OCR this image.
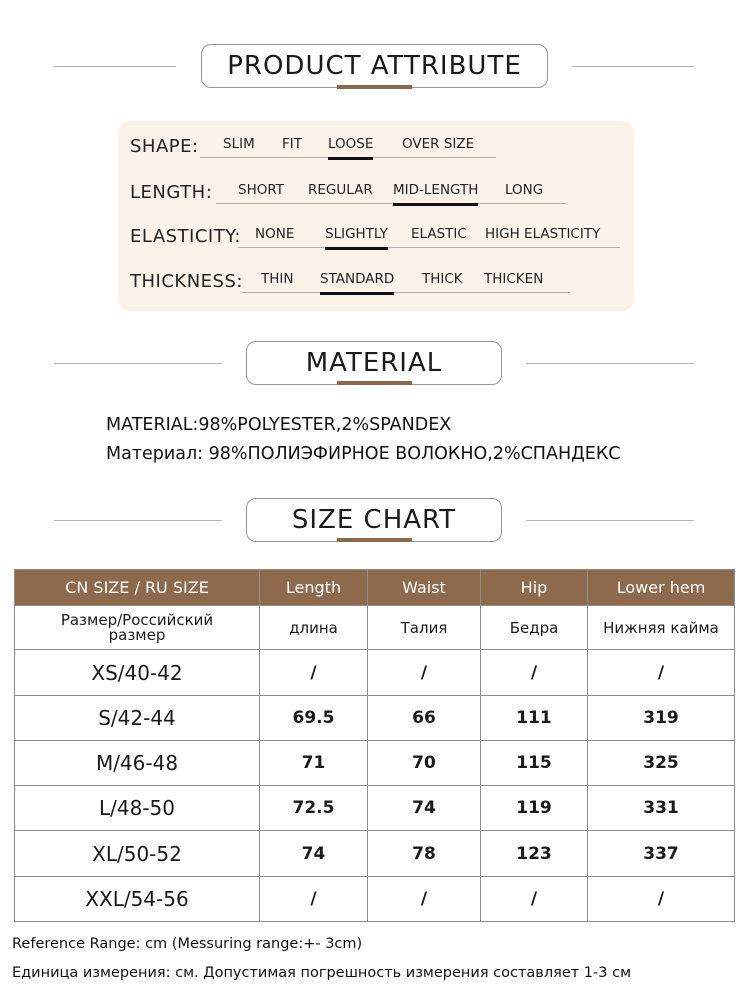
PRODUCT ATTRIBUTE
SHAPE: SLIM FIT LOOSE OVER SIZE
LENGTH: SHORT REGULAR MID-LENGTH LONG
ELASTICITY: NONE SLIGHTLY ELASTIC HIGH ELASTICITY
THICKNESS: THIN STANDARD THICK THICKEN
MATERIAL
MATERIAL:98%POLYESTER,2%SPANDEX
Материал: 98%ПОЛИЭФИРНОЕ ВОЛОКНО,2%СПАНДЕКС
SIZE CHART
CN SIZE / RU SIZE	Length	Waist	Hip	Lower hem
Размер/Российский размер	длина	Талия	Бедра	Нижняя кайма
XS/40-42	/	/	/	/
S/42-44	69.5	66	111	319
M/46-48	71	70	115	325
L/48-50	72.5	74	119	331
XL/50-52	74	78	123	337
XXL/54-56	/	/	/	/
Reference Range: cm (Messuring range:+- 3cm)
Единица измерения: см. Допустимая погрешность измерения составляет 1-3 см
